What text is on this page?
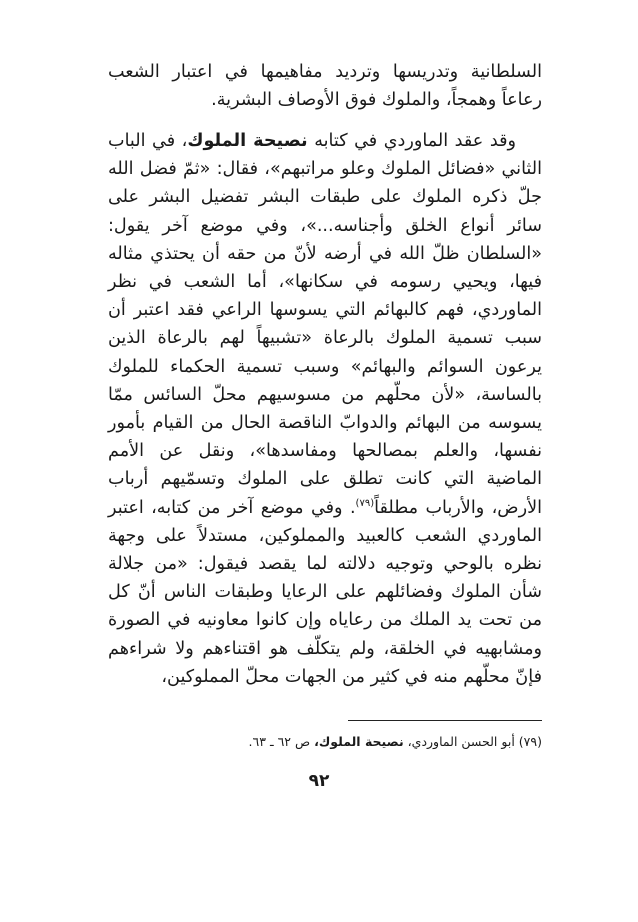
السلطانية وتدريسها وترديد مفاهيمها في اعتبار الشعب رعاعاً وهمجاً، والملوك فوق الأوصاف البشرية.

وقد عقد الماوردي في كتابه نصيحة الملوك، في الباب الثاني «فضائل الملوك وعلو مراتبهم»، فقال: «ثمّ فضل الله جلّ ذكره الملوك على طبقات البشر تفضيل البشر على سائر أنواع الخلق وأجناسه...»، وفي موضع آخر يقول: «السلطان ظلّ الله في أرضه لأنّ من حقه أن يحتذي مثاله فيها، ويحيي رسومه في سكانها»، أما الشعب في نظر الماوردي، فهم كالبهائم التي يسوسها الراعي فقد اعتبر أن سبب تسمية الملوك بالرعاة «تشبيهاً لهم بالرعاة الذين يرعون السوائم والبهائم» وسبب تسمية الحكماء للملوك بالساسة، «لأن محلّهم من مسوسيهم محلّ السائس ممّا يسوسه من البهائم والدوابّ الناقصة الحال من القيام بأمور نفسها، والعلم بمصالحها ومفاسدها»، ونقل عن الأمم الماضية التي كانت تطلق على الملوك وتسمّيهم أرباب الأرض، والأرباب مطلقاً$^{(٧٩)}$. وفي موضع آخر من كتابه، اعتبر الماوردي الشعب كالعبيد والمملوكين، مستدلاً على وجهة نظره بالوحي وتوجيه دلالته لما يقصد فيقول: «من جلالة شأن الملوك وفضائلهم على الرعايا وطبقات الناس أنّ كل من تحت يد الملك من رعاياه وإن كانوا معاونيه في الصورة ومشابهيه في الخلقة، ولم يتكلّف هو اقتناءهم ولا شراءهم فإنّ محلّهم منه في كثير من الجهات محلّ المملوكين،

(٧٩) أبو الحسن الماوردي، نصيحة الملوك، ص ٦٢ ـ ٦٣.

٩٢
